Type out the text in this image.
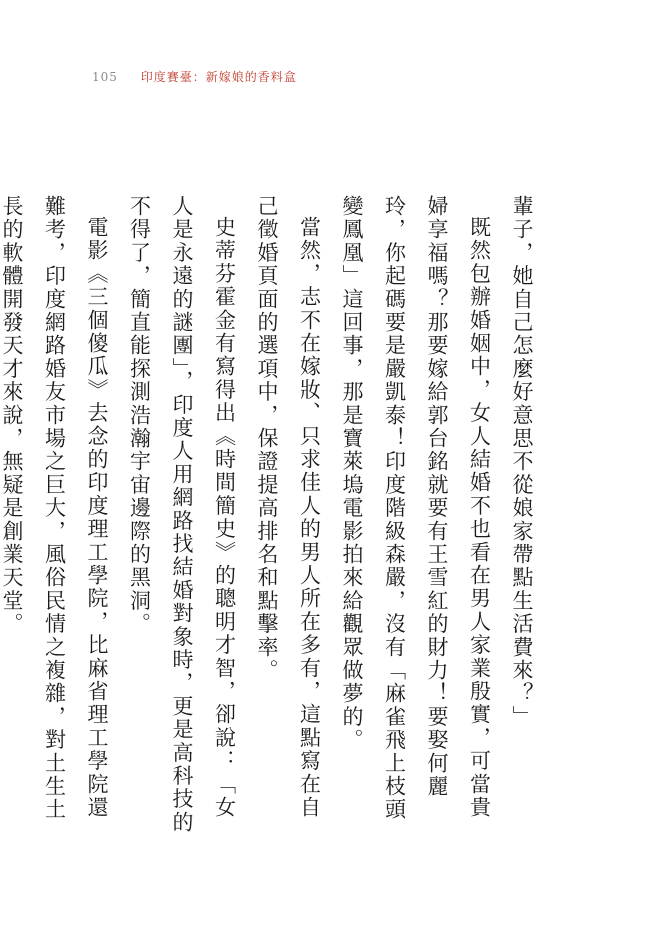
105 印度賽臺：新嫁娘的香料盒

輩子，她自己怎麼好意思不從娘家帶點生活費來？」

既然包辦婚姻中，女人結婚不也看在男人家業殷實，可當貴婦享福嗎？那要嫁給郭台銘就要有王雪紅的財力！要娶何麗玲，你起碼要是嚴凱泰！印度階級森嚴，沒有「麻雀飛上枝頭變鳳凰」這回事，那是寶萊塢電影拍來給觀眾做夢的。

當然，志不在嫁妝、只求佳人的男人所在多有，這點寫在自己徵婚頁面的選項中，保證提高排名和點擊率。

史蒂芬霍金有寫得出《時間簡史》的聰明才智，卻說：「女人是永遠的謎團」，印度人用網路找結婚對象時，更是高科技的不得了，簡直能探測浩瀚宇宙邊際的黑洞。

電影《三個傻瓜》去念的印度理工學院，比麻省理工學院還難考，印度網路婚友市場之巨大，風俗民情之複雜，對土生土長的軟體開發天才來說，無疑是創業天堂。
